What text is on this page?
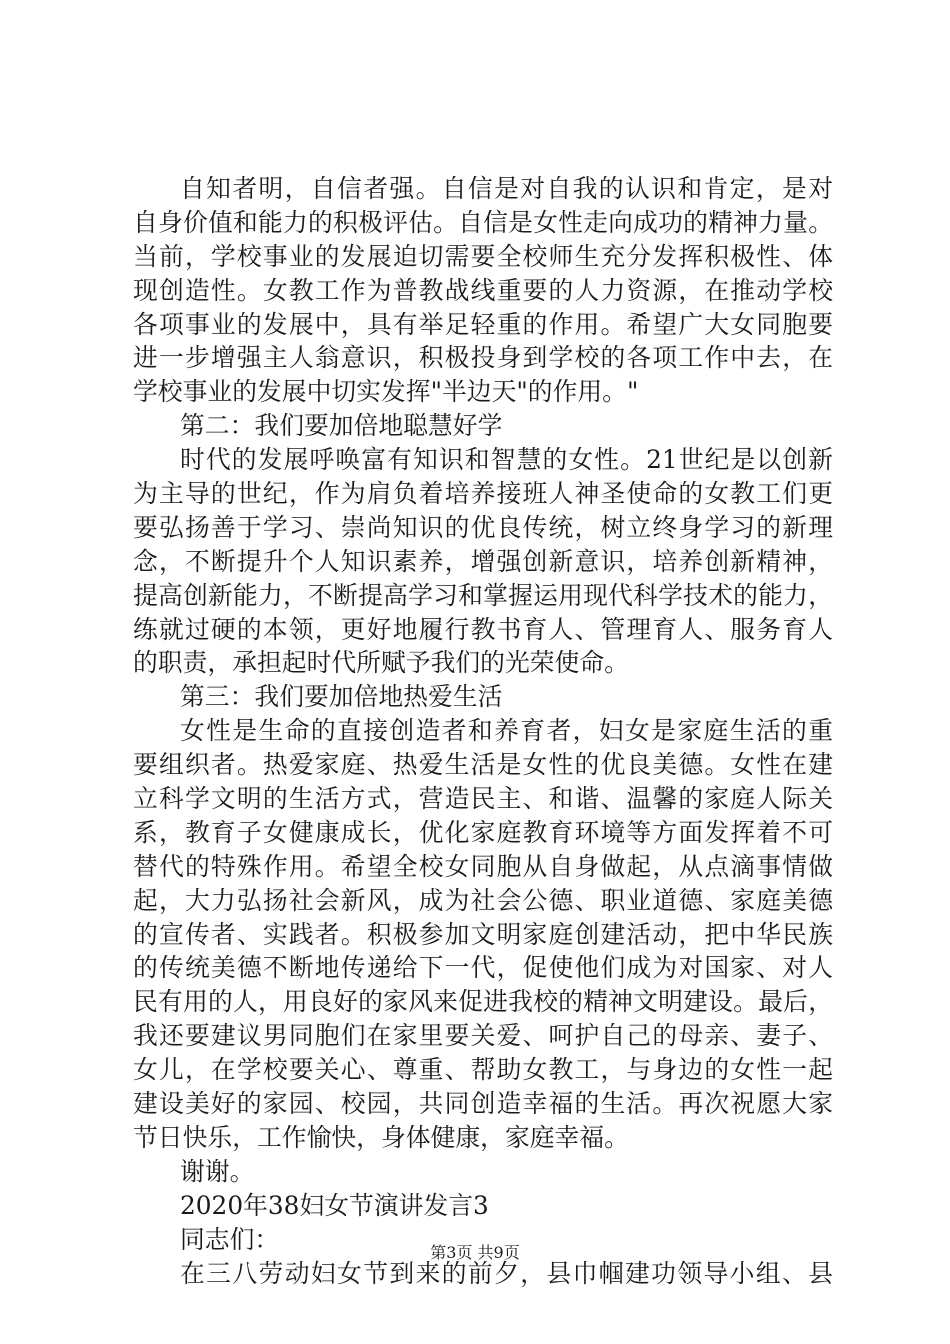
自知者明，自信者强。自信是对自我的认识和肯定，是对
自身价值和能力的积极评估。自信是女性走向成功的精神力量。
当前，学校事业的发展迫切需要全校师生充分发挥积极性、体
现创造性。女教工作为普教战线重要的人力资源，在推动学校
各项事业的发展中，具有举足轻重的作用。希望广大女同胞要
进一步增强主人翁意识，积极投身到学校的各项工作中去，在
学校事业的发展中切实发挥"半边天"的作用。"
第二：我们要加倍地聪慧好学
时代的发展呼唤富有知识和智慧的女性。21世纪是以创新
为主导的世纪，作为肩负着培养接班人神圣使命的女教工们更
要弘扬善于学习、崇尚知识的优良传统，树立终身学习的新理
念，不断提升个人知识素养，增强创新意识，培养创新精神，
提高创新能力，不断提高学习和掌握运用现代科学技术的能力，
练就过硬的本领，更好地履行教书育人、管理育人、服务育人
的职责，承担起时代所赋予我们的光荣使命。
第三：我们要加倍地热爱生活
女性是生命的直接创造者和养育者，妇女是家庭生活的重
要组织者。热爱家庭、热爱生活是女性的优良美德。女性在建
立科学文明的生活方式，营造民主、和谐、温馨的家庭人际关
系，教育子女健康成长，优化家庭教育环境等方面发挥着不可
替代的特殊作用。希望全校女同胞从自身做起，从点滴事情做
起，大力弘扬社会新风，成为社会公德、职业道德、家庭美德
的宣传者、实践者。积极参加文明家庭创建活动，把中华民族
的传统美德不断地传递给下一代，促使他们成为对国家、对人
民有用的人，用良好的家风来促进我校的精神文明建设。最后，
我还要建议男同胞们在家里要关爱、呵护自己的母亲、妻子、
女儿，在学校要关心、尊重、帮助女教工，与身边的女性一起
建设美好的家园、校园，共同创造幸福的生活。再次祝愿大家
节日快乐，工作愉快，身体健康，家庭幸福。
谢谢。
2020年38妇女节演讲发言3
同志们：
在三八劳动妇女节到来的前夕，县巾帼建功领导小组、县
第3页 共9页
